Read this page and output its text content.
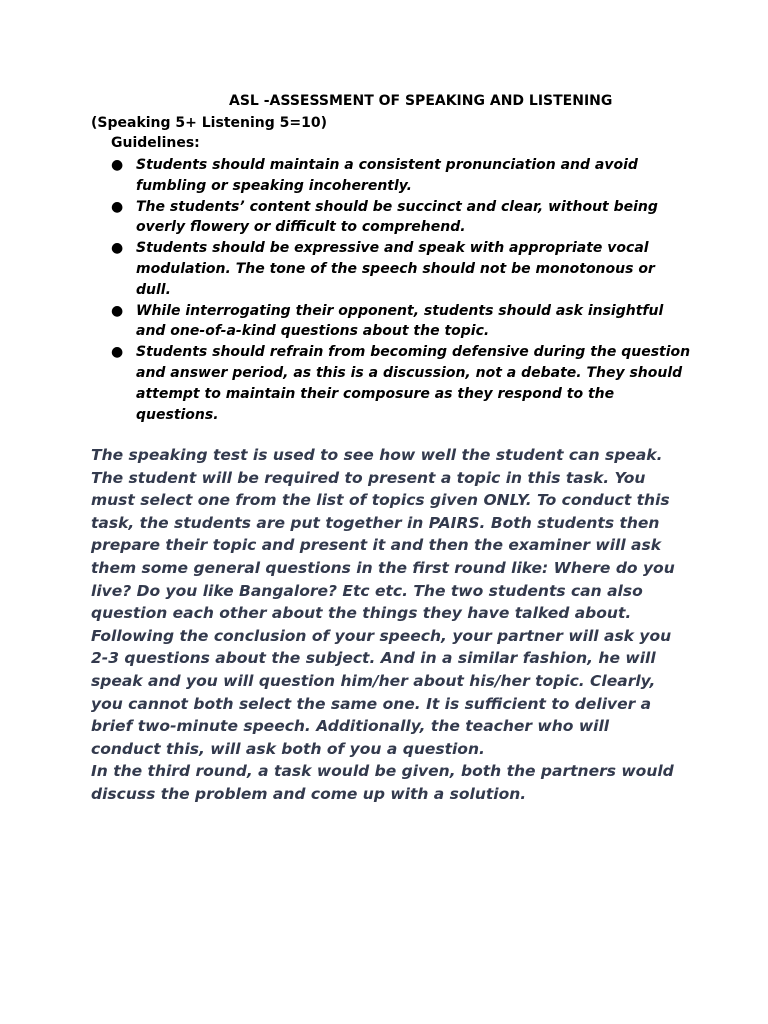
ASL -ASSESSMENT OF SPEAKING AND LISTENING
(Speaking 5+ Listening 5=10)
Guidelines:
● Students should maintain a consistent pronunciation and avoid fumbling or speaking incoherently.
● The students’ content should be succinct and clear, without being overly flowery or difficult to comprehend.
● Students should be expressive and speak with appropriate vocal modulation. The tone of the speech should not be monotonous or dull.
● While interrogating their opponent, students should ask insightful and one-of-a-kind questions about the topic.
● Students should refrain from becoming defensive during the question and answer period, as this is a discussion, not a debate. They should attempt to maintain their composure as they respond to the questions.

The speaking test is used to see how well the student can speak. The student will be required to present a topic in this task. You must select one from the list of topics given ONLY. To conduct this task, the students are put together in PAIRS. Both students then prepare their topic and present it and then the examiner will ask them some general questions in the first round like: Where do you live? Do you like Bangalore? Etc etc. The two students can also question each other about the things they have talked about. Following the conclusion of your speech, your partner will ask you 2-3 questions about the subject. And in a similar fashion, he will speak and you will question him/her about his/her topic. Clearly, you cannot both select the same one. It is sufficient to deliver a brief two-minute speech. Additionally, the teacher who will conduct this, will ask both of you a question.

In the third round, a task would be given, both the partners would discuss the problem and come up with a solution.
